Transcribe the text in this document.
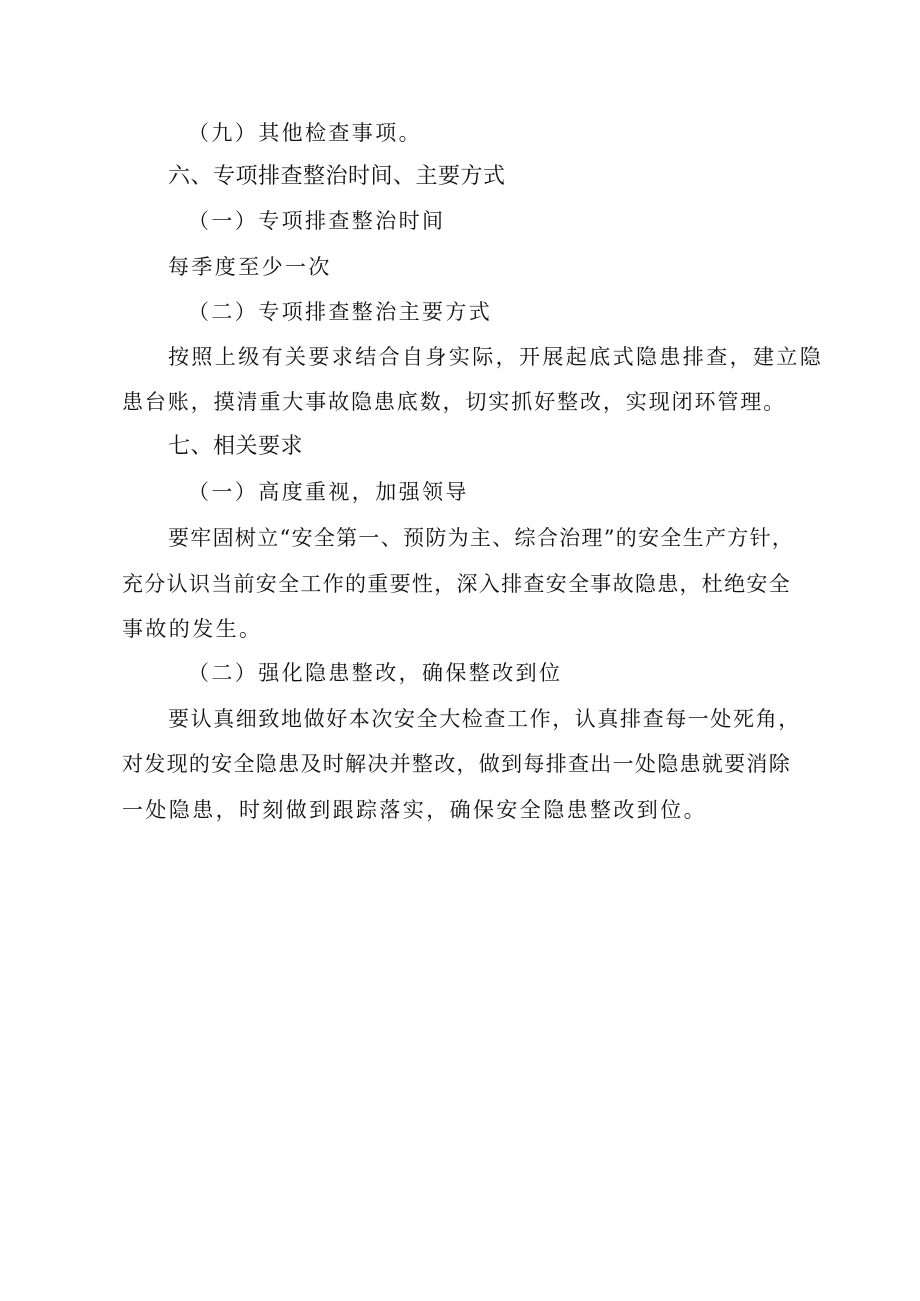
（九）其他检查事项。
六、专项排查整治时间、主要方式
（一）专项排查整治时间
每季度至少一次
（二）专项排查整治主要方式
按照上级有关要求结合自身实际，开展起底式隐患排查，建立隐
患台账，摸清重大事故隐患底数，切实抓好整改，实现闭环管理。
七、相关要求
（一）高度重视，加强领导
要牢固树立“安全第一、预防为主、综合治理”的安全生产方针，
充分认识当前安全工作的重要性，深入排查安全事故隐患，杜绝安全
事故的发生。
（二）强化隐患整改，确保整改到位
要认真细致地做好本次安全大检查工作，认真排查每一处死角，
对发现的安全隐患及时解决并整改，做到每排查出一处隐患就要消除
一处隐患，时刻做到跟踪落实，确保安全隐患整改到位。
